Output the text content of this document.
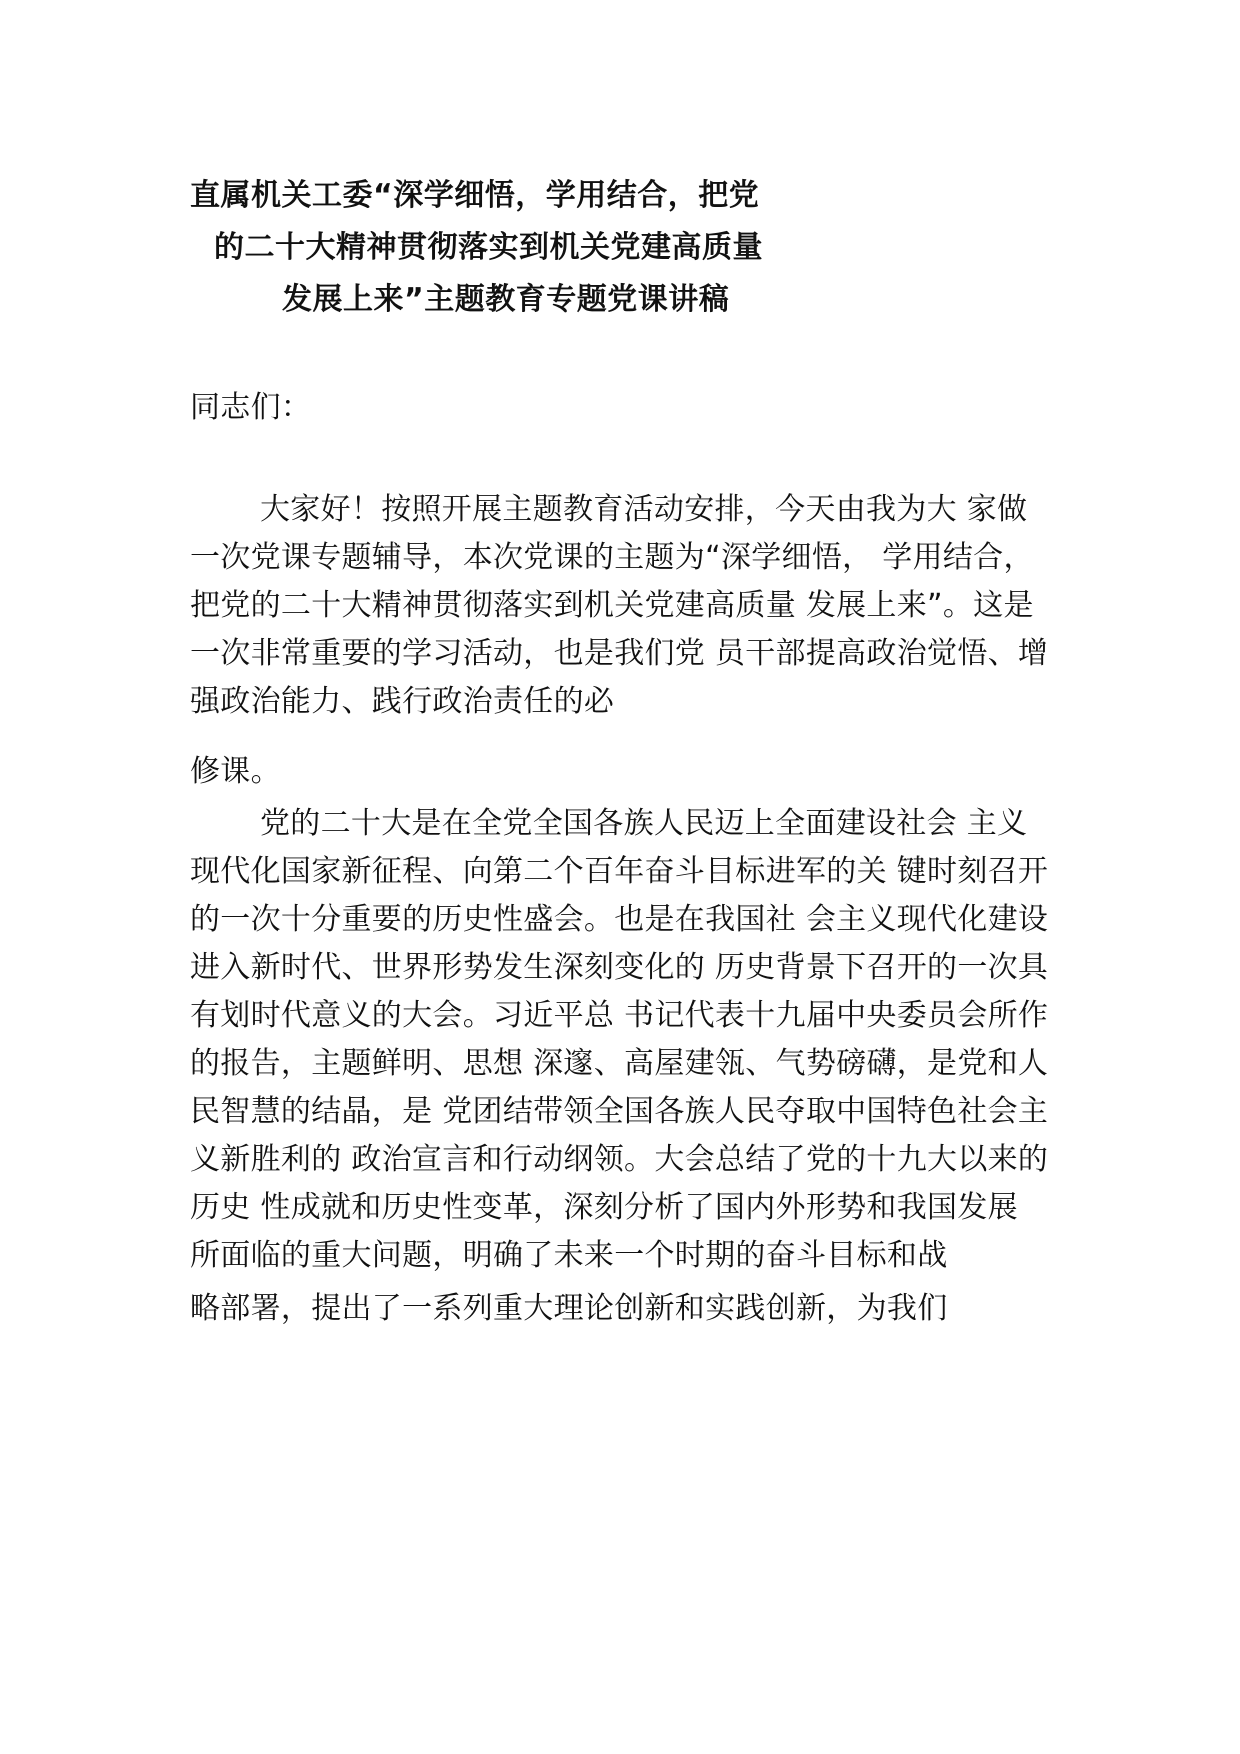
直属机关工委“深学细悟，学用结合，把党
的二十大精神贯彻落实到机关党建高质量
发展上来”主题教育专题党课讲稿

同志们：

大家好！按照开展主题教育活动安排，今天由我为大 家做
一次党课专题辅导，本次党课的主题为“深学细悟， 学用结合，
把党的二十大精神贯彻落实到机关党建高质量 发展上来”。这是
一次非常重要的学习活动，也是我们党 员干部提高政治觉悟、增
强政治能力、践行政治责任的必

修课。

党的二十大是在全党全国各族人民迈上全面建设社会 主义
现代化国家新征程、向第二个百年奋斗目标进军的关 键时刻召开
的一次十分重要的历史性盛会。也是在我国社 会主义现代化建设
进入新时代、世界形势发生深刻变化的 历史背景下召开的一次具
有划时代意义的大会。习近平总 书记代表十九届中央委员会所作
的报告，主题鲜明、思想 深邃、高屋建瓴、气势磅礴，是党和人
民智慧的结晶，是 党团结带领全国各族人民夺取中国特色社会主
义新胜利的 政治宣言和行动纲领。大会总结了党的十九大以来的
历史 性成就和历史性变革，深刻分析了国内外形势和我国发展
所面临的重大问题，明确了未来一个时期的奋斗目标和战

略部署，提出了一系列重大理论创新和实践创新，为我们
